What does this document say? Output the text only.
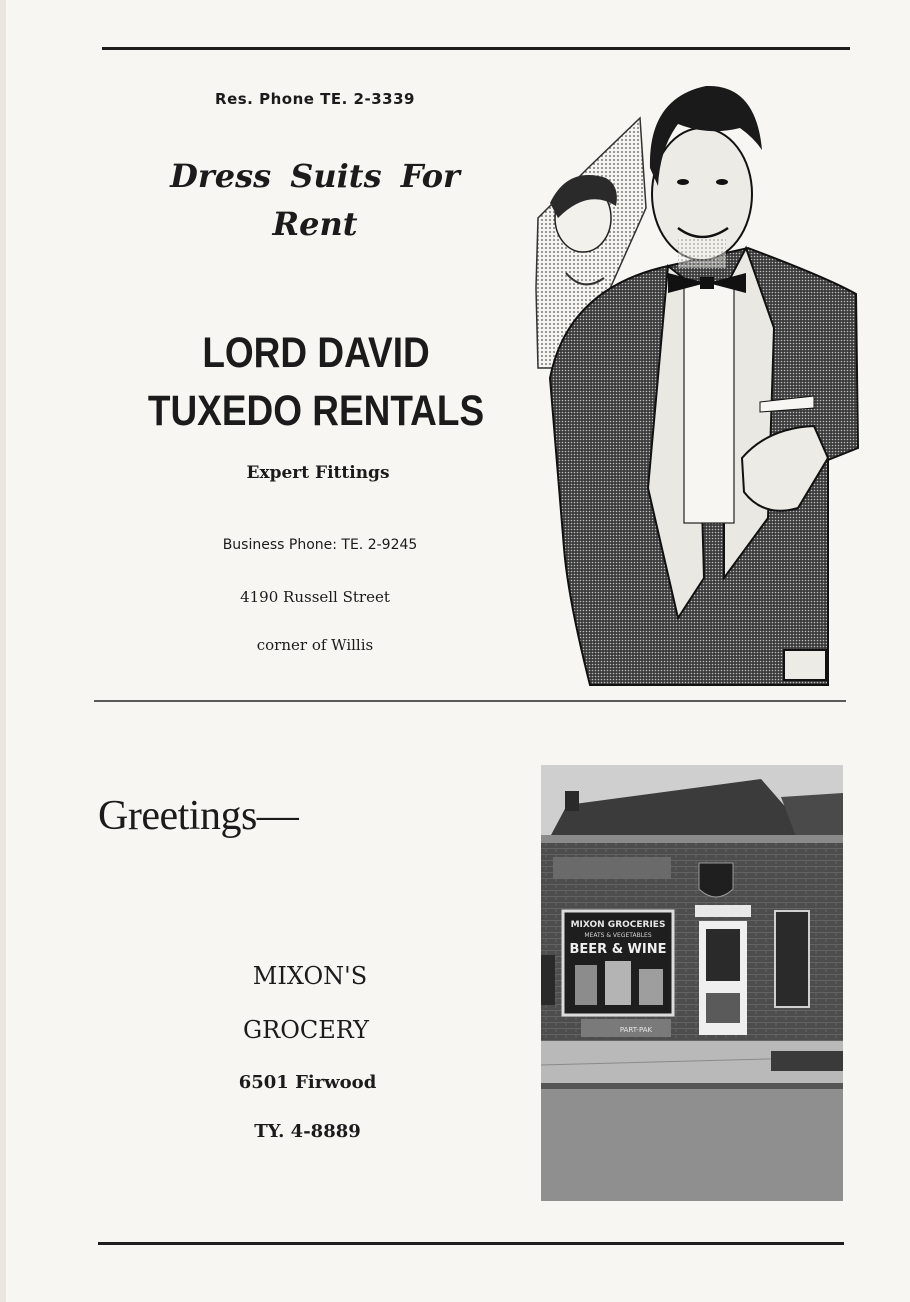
Res. Phone TE. 2-3339
Dress Suits For Rent
LORD DAVID TUXEDO RENTALS
Expert Fittings
Business Phone: TE. 2-9245
4190 Russell Street
corner of Willis
Greetings—
MIXON'S
GROCERY
6501 Firwood
TY. 4-8889
MIXON GROCERIES
MEATS & VEGETABLES
BEER & WINE
PART-PAK
